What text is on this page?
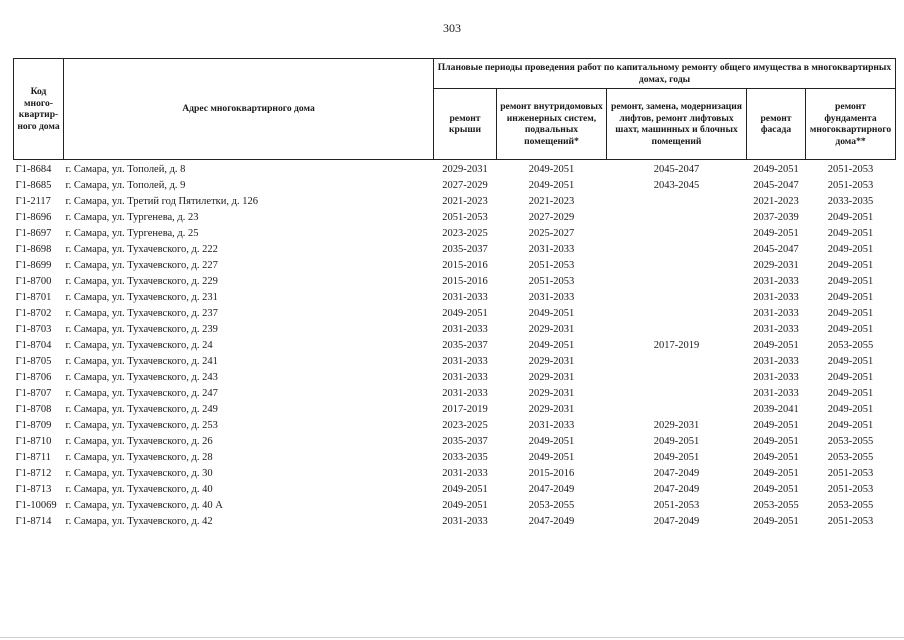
303
Код много-квартир-ного дома	Адрес многоквартирного дома	Плановые периоды проведения работ по капитальному ремонту общего имущества в многоквартирных домах, годы				
		ремонт крыши	ремонт внутридомовых инженерных систем, подвальных помещений*	ремонт, замена, модернизация лифтов, ремонт лифтовых шахт, машинных и блочных помещений	ремонт фасада	ремонт фундамента многоквартирного дома**
Г1-8684	г. Самара, ул. Тополей, д. 8	2029-2031	2049-2051	2045-2047	2049-2051	2051-2053
Г1-8685	г. Самара, ул. Тополей, д. 9	2027-2029	2049-2051	2043-2045	2045-2047	2051-2053
Г1-2117	г. Самара, ул. Третий год Пятилетки, д. 126	2021-2023	2021-2023		2021-2023	2033-2035
Г1-8696	г. Самара, ул. Тургенева, д. 23	2051-2053	2027-2029		2037-2039	2049-2051
Г1-8697	г. Самара, ул. Тургенева, д. 25	2023-2025	2025-2027		2049-2051	2049-2051
Г1-8698	г. Самара, ул. Тухачевского, д. 222	2035-2037	2031-2033		2045-2047	2049-2051
Г1-8699	г. Самара, ул. Тухачевского, д. 227	2015-2016	2051-2053		2029-2031	2049-2051
Г1-8700	г. Самара, ул. Тухачевского, д. 229	2015-2016	2051-2053		2031-2033	2049-2051
Г1-8701	г. Самара, ул. Тухачевского, д. 231	2031-2033	2031-2033		2031-2033	2049-2051
Г1-8702	г. Самара, ул. Тухачевского, д. 237	2049-2051	2049-2051		2031-2033	2049-2051
Г1-8703	г. Самара, ул. Тухачевского, д. 239	2031-2033	2029-2031		2031-2033	2049-2051
Г1-8704	г. Самара, ул. Тухачевского, д. 24	2035-2037	2049-2051	2017-2019	2049-2051	2053-2055
Г1-8705	г. Самара, ул. Тухачевского, д. 241	2031-2033	2029-2031		2031-2033	2049-2051
Г1-8706	г. Самара, ул. Тухачевского, д. 243	2031-2033	2029-2031		2031-2033	2049-2051
Г1-8707	г. Самара, ул. Тухачевского, д. 247	2031-2033	2029-2031		2031-2033	2049-2051
Г1-8708	г. Самара, ул. Тухачевского, д. 249	2017-2019	2029-2031		2039-2041	2049-2051
Г1-8709	г. Самара, ул. Тухачевского, д. 253	2023-2025	2031-2033	2029-2031	2049-2051	2049-2051
Г1-8710	г. Самара, ул. Тухачевского, д. 26	2035-2037	2049-2051	2049-2051	2049-2051	2053-2055
Г1-8711	г. Самара, ул. Тухачевского, д. 28	2033-2035	2049-2051	2049-2051	2049-2051	2053-2055
Г1-8712	г. Самара, ул. Тухачевского, д. 30	2031-2033	2015-2016	2047-2049	2049-2051	2051-2053
Г1-8713	г. Самара, ул. Тухачевского, д. 40	2049-2051	2047-2049	2047-2049	2049-2051	2051-2053
Г1-10069	г. Самара, ул. Тухачевского, д. 40 А	2049-2051	2053-2055	2051-2053	2053-2055	2053-2055
Г1-8714	г. Самара, ул. Тухачевского, д. 42	2031-2033	2047-2049	2047-2049	2049-2051	2051-2053
